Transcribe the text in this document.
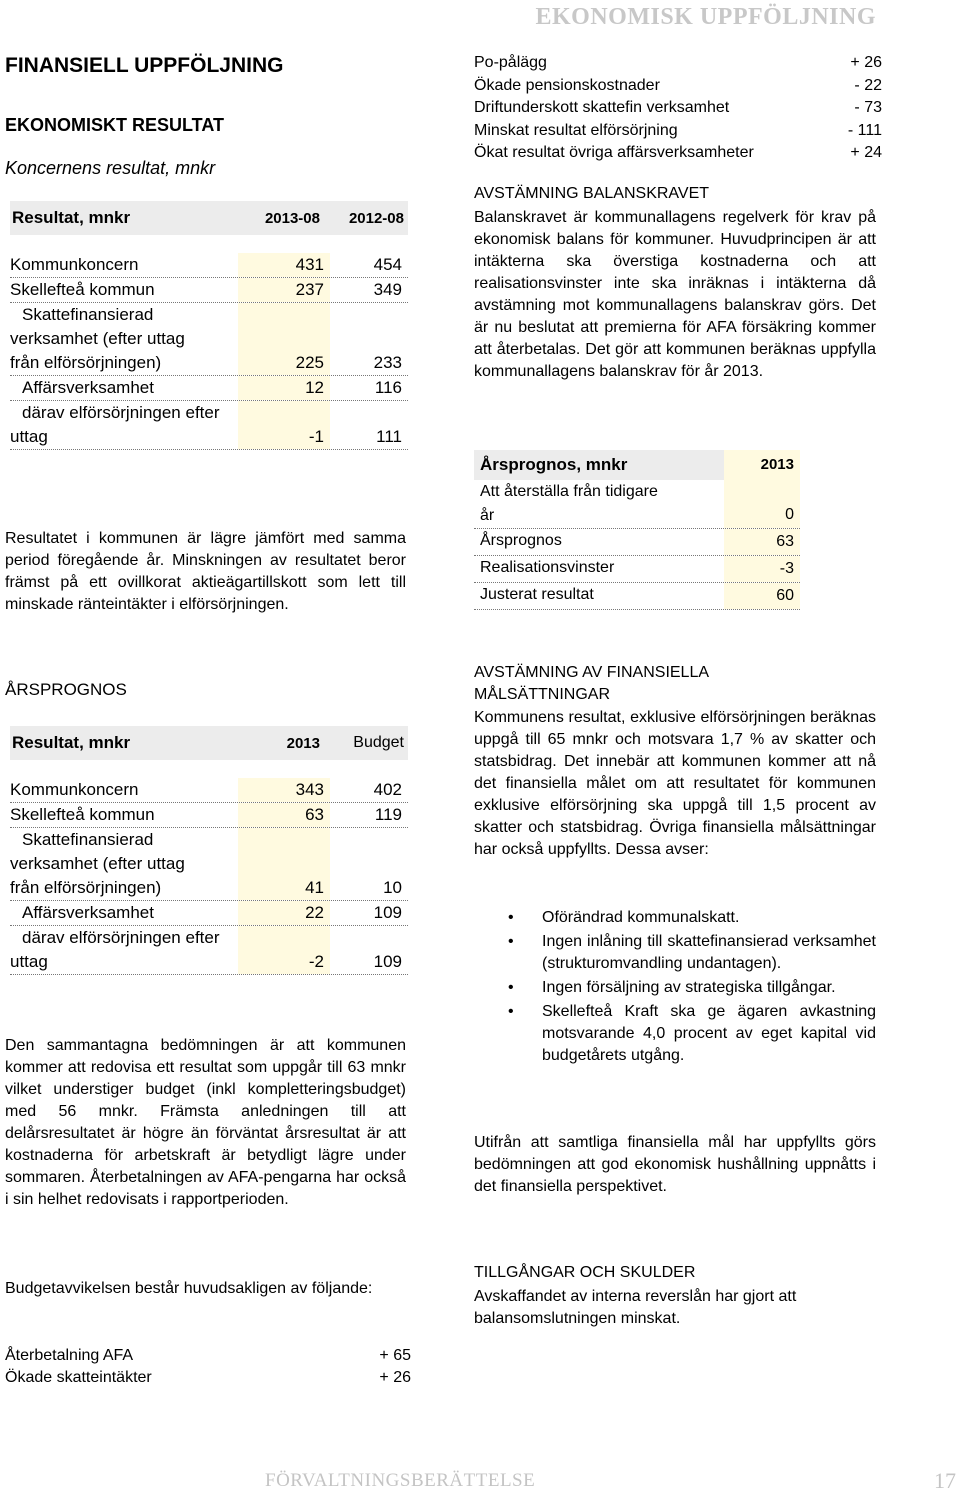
EKONOMISK UPPFÖLJNING
FÖRVALTNINGSBERÄTTELSE	17
FINANSIELL UPPFÖLJNING
EKONOMISKT RESULTAT
Koncernens resultat, mnkr
Resultat, mnkr	2013-08	2012-08
Kommunkoncern	431	454
Skellefteå kommun	237	349
Skattefinansierad
verksamhet (efter uttag
från elförsörjningen)	225	233
Affärsverksamhet	12	116
därav elförsörjningen efter
uttag	-1	111
Resultatet i kommunen är lägre jämfört med samma period föregående år. Minskningen av resultatet beror främst på ett ovillkorat aktieägartillskott som lett till minskade ränteintäkter i elförsörjningen.
ÅRSPROGNOS
Resultat, mnkr	2013	Budget
Kommunkoncern	343	402
Skellefteå kommun	63	119
Skattefinansierad
verksamhet (efter uttag
från elförsörjningen)	41	10
Affärsverksamhet	22	109
därav elförsörjningen efter
uttag	-2	109
Den sammantagna bedömningen är att kommunen kommer att redovisa ett resultat som uppgår till 63 mnkr vilket understiger budget (inkl kompletteringsbudget) med 56 mnkr. Främsta anledningen till att delårsresultatet är högre än förväntat årsresultat är att kostnaderna för arbetskraft är betydligt lägre under sommaren. Återbetalningen av AFA-pengarna har också i sin helhet redovisats i rapportperioden.
Budgetavvikelsen består huvudsakligen av följande:
Återbetalning AFA	+ 65
Ökade skatteintäkter	+ 26
Po-pålägg	+ 26
Ökade pensionskostnader	- 22
Driftunderskott skattefin verksamhet	- 73
Minskat resultat elförsörjning	- 111
Ökat resultat övriga affärsverksamheter	+ 24
AVSTÄMNING BALANSKRAVET
Balanskravet är kommunallagens regelverk för krav på ekonomisk balans för kommuner. Huvudprincipen är att intäkterna ska överstiga kostnaderna och att realisationsvinster inte ska inräknas i intäkterna då avstämning mot kommunallagens balanskrav görs. Det är nu beslutat att premierna för AFA försäkring kommer att återbetalas. Det gör att kommunen beräknas uppfylla kommunallagens balanskrav för år 2013.
Årsprognos, mnkr	2013
Att återställa från tidigare
år	0
Årsprognos	63
Realisationsvinster	-3
Justerat resultat	60
AVSTÄMNING AV FINANSIELLA
MÅLSÄTTNINGAR
Kommunens resultat, exklusive elförsörjningen beräknas uppgå till 65 mnkr och motsvara 1,7 % av skatter och statsbidrag. Det innebär att kommunen kommer att nå det finansiella målet om att resultatet för kommunen exklusive elförsörjning ska uppgå till 1,5 procent av skatter och statsbidrag. Övriga finansiella målsättningar har också uppfyllts. Dessa avser:
• Oförändrad kommunalskatt.
• Ingen inlåning till skattefinansierad verksamhet (strukturomvandling undantagen).
• Ingen försäljning av strategiska tillgångar.
• Skellefteå Kraft ska ge ägaren avkastning motsvarande 4,0 procent av eget kapital vid budgetårets utgång.
Utifrån att samtliga finansiella mål har uppfyllts görs bedömningen att god ekonomisk hushållning uppnåtts i det finansiella perspektivet.
TILLGÅNGAR OCH SKULDER
Avskaffandet av interna reverslån har gjort att balansomslutningen minskat.
